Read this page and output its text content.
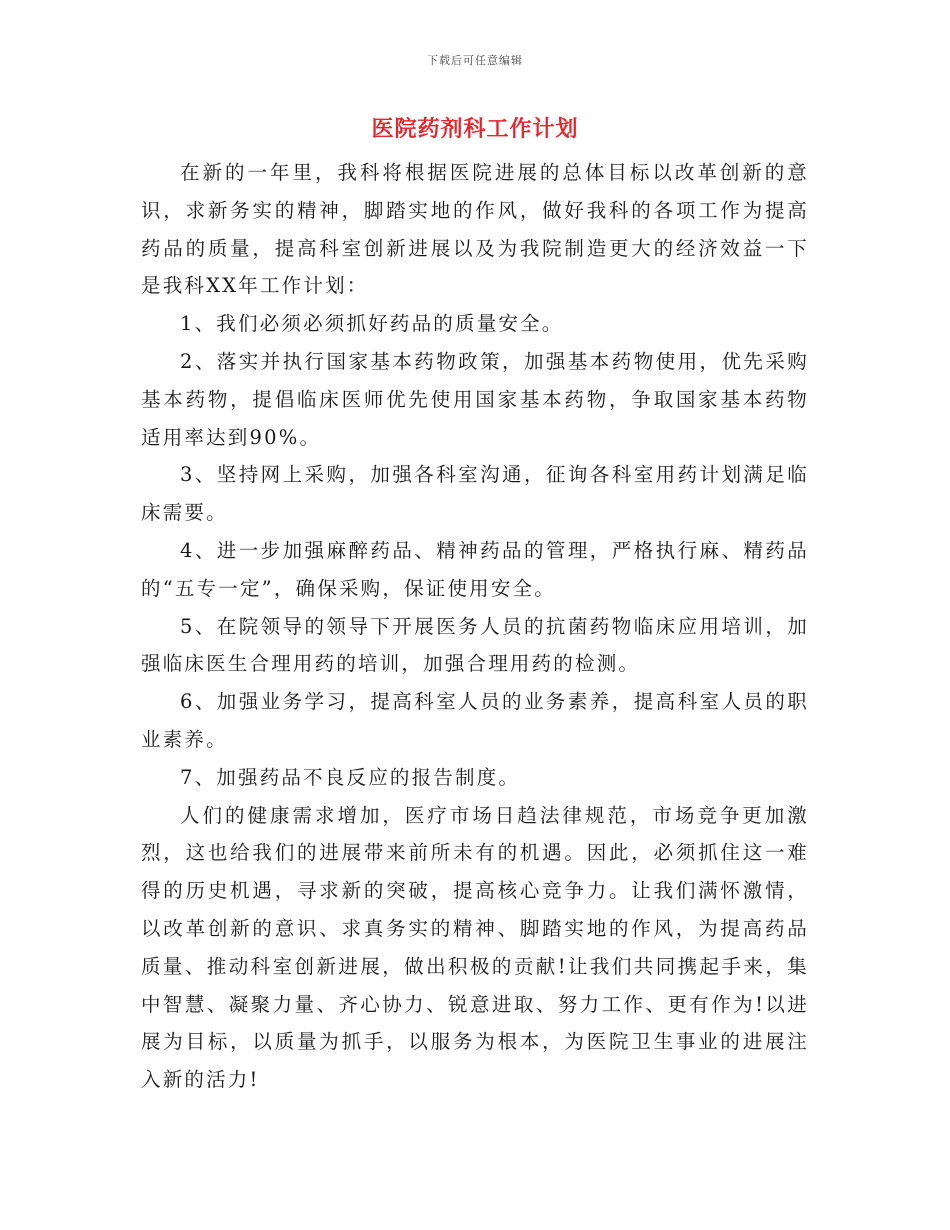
下载后可任意编辑
医院药剂科工作计划

在新的一年里，我科将根据医院进展的总体目标以改革创新的意识，求新务实的精神，脚踏实地的作风，做好我科的各项工作为提高药品的质量，提高科室创新进展以及为我院制造更大的经济效益一下是我科XX年工作计划：

1、我们必须必须抓好药品的质量安全。

2、落实并执行国家基本药物政策，加强基本药物使用，优先采购基本药物，提倡临床医师优先使用国家基本药物，争取国家基本药物适用率达到90%。

3、坚持网上采购，加强各科室沟通，征询各科室用药计划满足临床需要。

4、进一步加强麻醉药品、精神药品的管理，严格执行麻、精药品的“五专一定”，确保采购，保证使用安全。

5、在院领导的领导下开展医务人员的抗菌药物临床应用培训，加强临床医生合理用药的培训，加强合理用药的检测。

6、加强业务学习，提高科室人员的业务素养，提高科室人员的职业素养。

7、加强药品不良反应的报告制度。

人们的健康需求增加，医疗市场日趋法律规范，市场竞争更加激烈，这也给我们的进展带来前所未有的机遇。因此，必须抓住这一难得的历史机遇，寻求新的突破，提高核心竞争力。让我们满怀激情，以改革创新的意识、求真务实的精神、脚踏实地的作风，为提高药品质量、推动科室创新进展，做出积极的贡献!让我们共同携起手来，集中智慧、凝聚力量、齐心协力、锐意进取、努力工作、更有作为!以进展为目标，以质量为抓手，以服务为根本，为医院卫生事业的进展注入新的活力!
